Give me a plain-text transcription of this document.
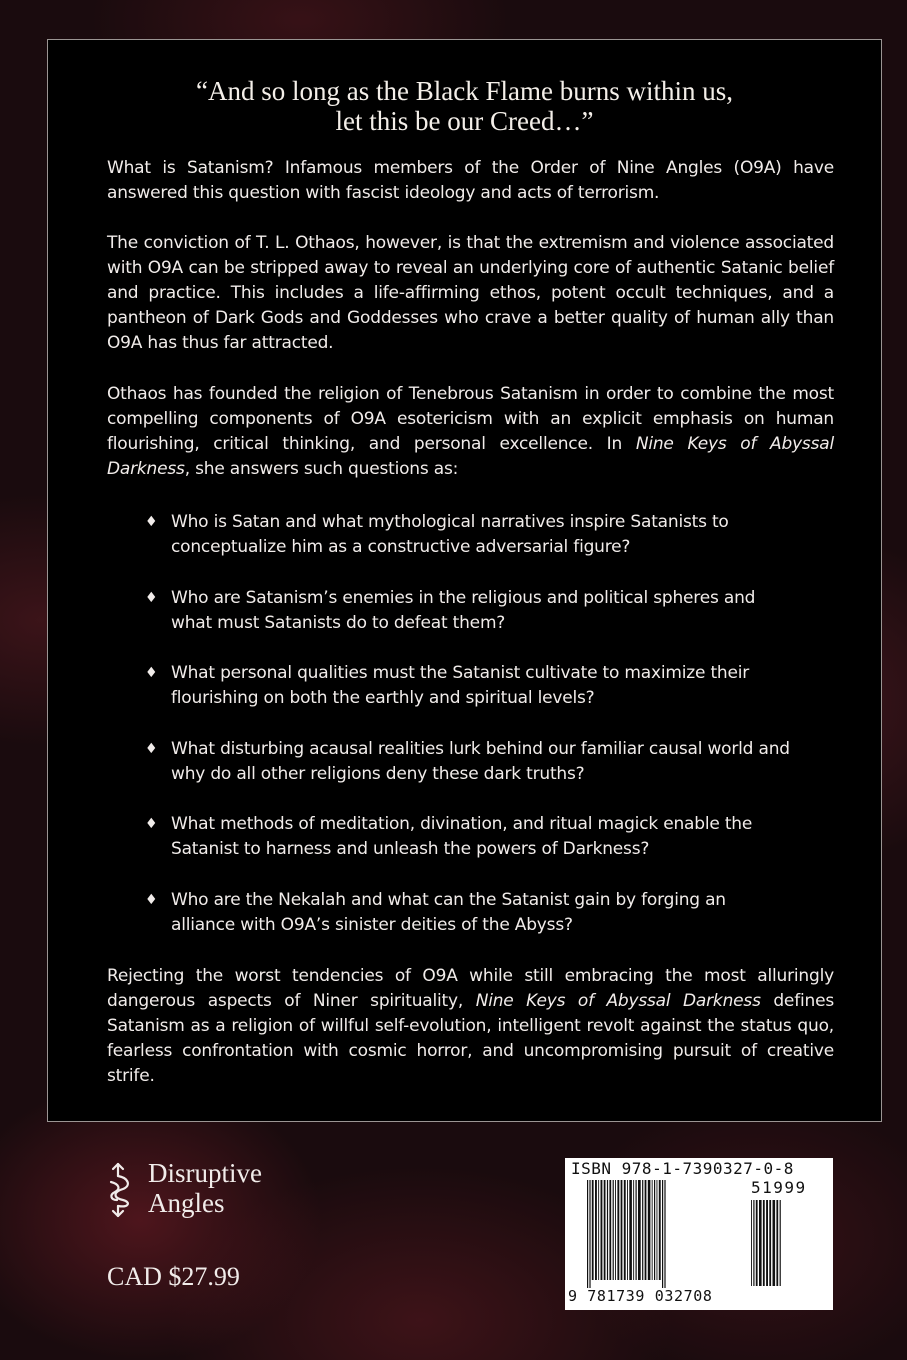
“And so long as the Black Flame burns within us,

let this be our Creed…”

What is Satanism? Infamous members of the Order of Nine Angles (O9A) have answered this question with fascist ideology and acts of terrorism.

The conviction of T. L. Othaos, however, is that the extremism and violence associated with O9A can be stripped away to reveal an underlying core of authentic Satanic belief and practice. This includes a life-affirming ethos, potent occult techniques, and a pantheon of Dark Gods and Goddesses who crave a better quality of human ally than O9A has thus far attracted.

Othaos has founded the religion of Tenebrous Satanism in order to combine the most compelling components of O9A esotericism with an explicit emphasis on human flourishing, critical thinking, and personal excellence. In Nine Keys of Abyssal Darkness, she answers such questions as:

♦ Who is Satan and what mythological narratives inspire Satanists to conceptualize him as a constructive adversarial figure?
♦ Who are Satanism’s enemies in the religious and political spheres and what must Satanists do to defeat them?
♦ What personal qualities must the Satanist cultivate to maximize their flourishing on both the earthly and spiritual levels?
♦ What disturbing acausal realities lurk behind our familiar causal world and why do all other religions deny these dark truths?
♦ What methods of meditation, divination, and ritual magick enable the Satanist to harness and unleash the powers of Darkness?
♦ Who are the Nekalah and what can the Satanist gain by forging an alliance with O9A’s sinister deities of the Abyss?

Rejecting the worst tendencies of O9A while still embracing the most alluringly dangerous aspects of Niner spirituality, Nine Keys of Abyssal Darkness defines Satanism as a religion of willful self-evolution, intelligent revolt against the status quo, fearless confrontation with cosmic horror, and uncompromising pursuit of creative strife.

Disruptive
Angles

CAD $27.99

ISBN 978-1-7390327-0-8
51999
9 781739 032708
